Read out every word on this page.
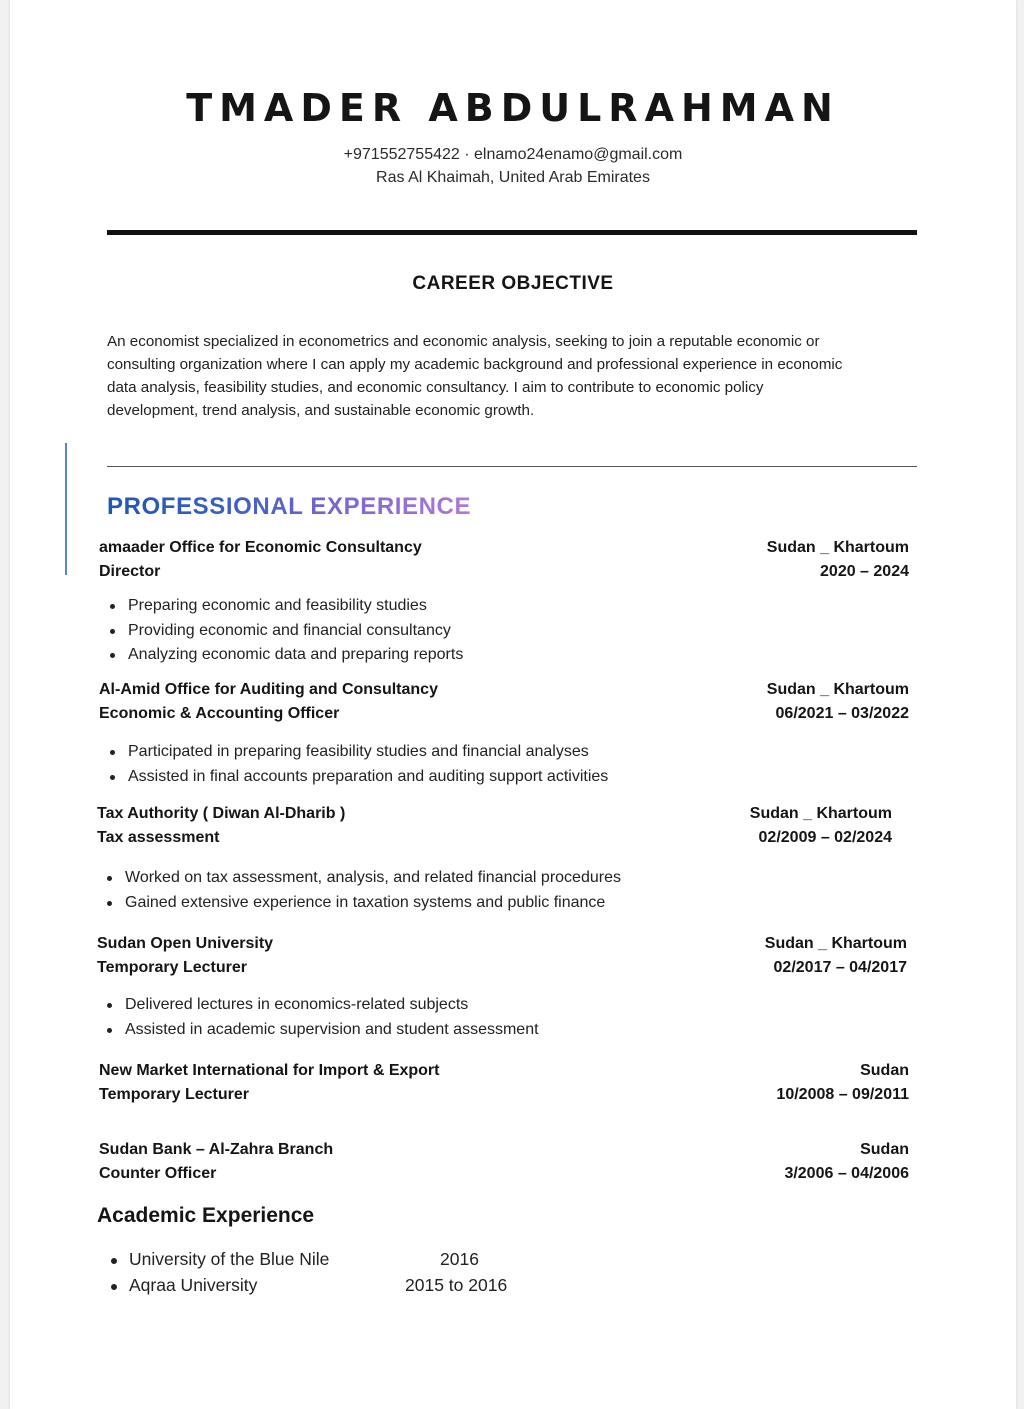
TMADER ABDULRAHMAN
+971552755422 · elnamo24enamo@gmail.com
Ras Al Khaimah, United Arab Emirates
CAREER OBJECTIVE
An economist specialized in econometrics and economic analysis, seeking to join a reputable economic or
consulting organization where I can apply my academic background and professional experience in economic
data analysis, feasibility studies, and economic consultancy. I aim to contribute to economic policy
development, trend analysis, and sustainable economic growth.
PROFESSIONAL EXPERIENCE
amaader Office for Economic Consultancy
Director
Sudan _ Khartoum
2020 – 2024
Preparing economic and feasibility studies
Providing economic and financial consultancy
Analyzing economic data and preparing reports
Al-Amid Office for Auditing and Consultancy
Economic & Accounting Officer
Sudan _ Khartoum
06/2021 – 03/2022
Participated in preparing feasibility studies and financial analyses
Assisted in final accounts preparation and auditing support activities
Tax Authority ( Diwan Al-Dharib )
Tax assessment
Sudan _ Khartoum
02/2009 – 02/2024
Worked on tax assessment, analysis, and related financial procedures
Gained extensive experience in taxation systems and public finance
Sudan Open University
Temporary Lecturer
Sudan _ Khartoum
02/2017 – 04/2017
Delivered lectures in economics-related subjects
Assisted in academic supervision and student assessment
New Market International for Import & Export
Temporary Lecturer
Sudan
10/2008 – 09/2011
Sudan Bank – Al-Zahra Branch
Counter Officer
Sudan
3/2006 – 04/2006
Academic Experience
University of the Blue Nile	2016
Aqraa University	2015 to 2016
